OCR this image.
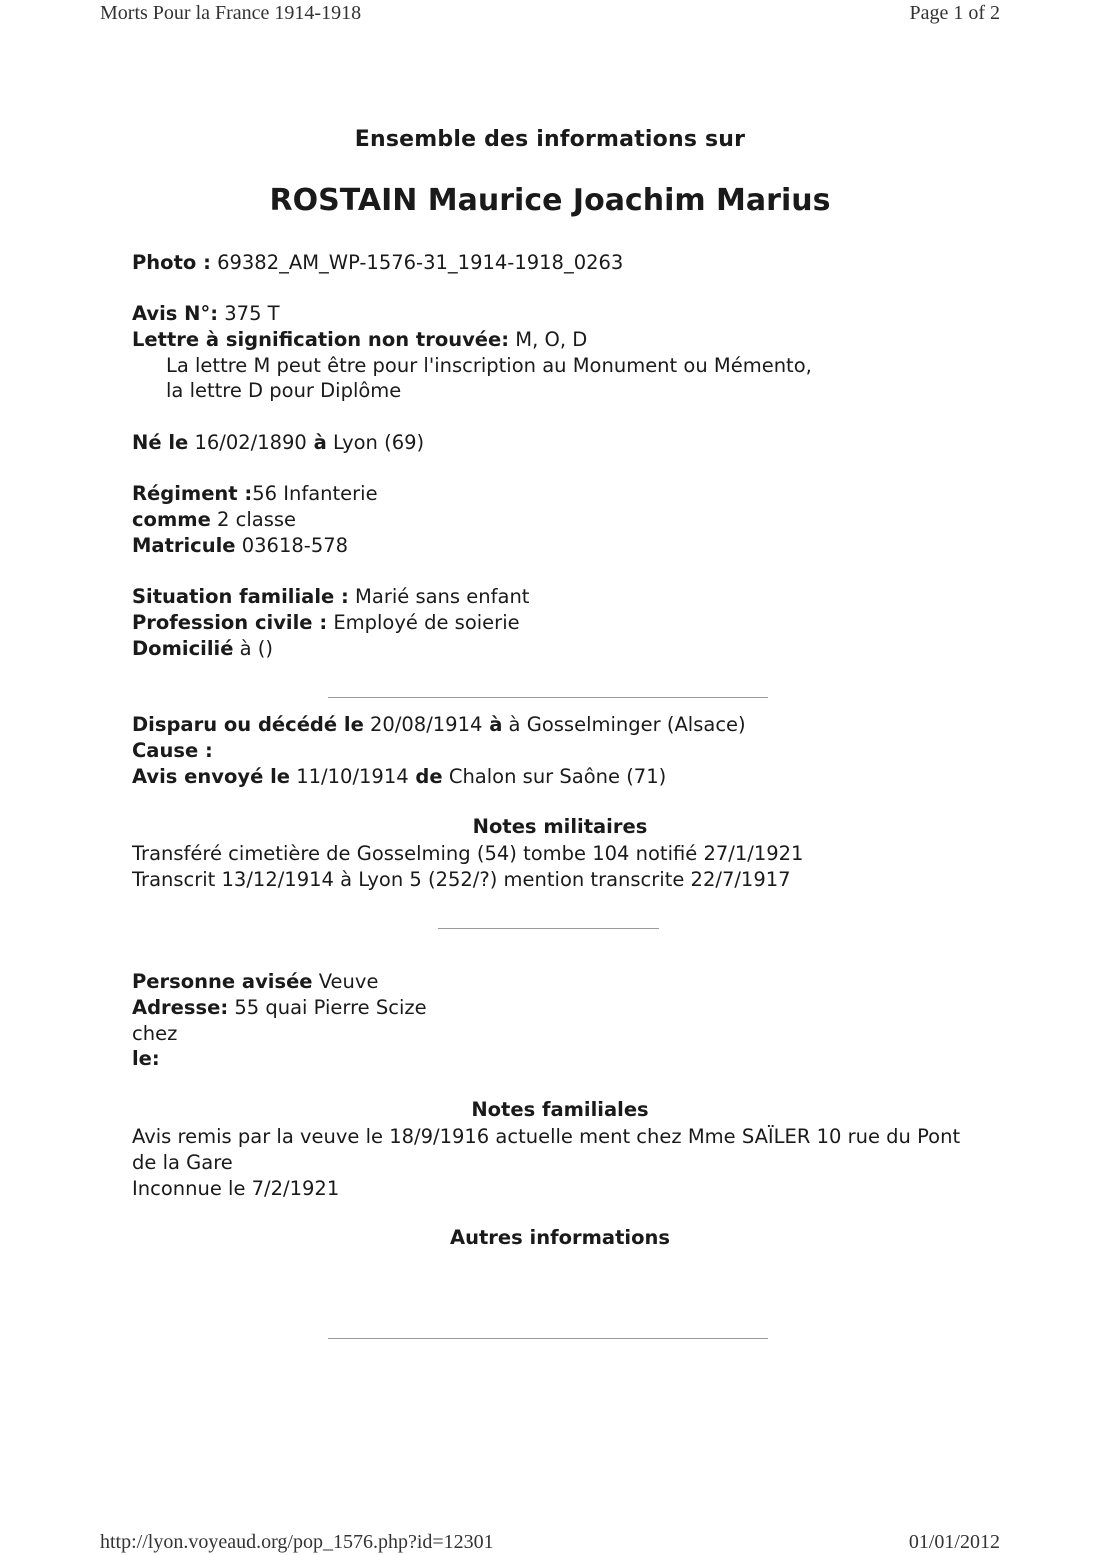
Morts Pour la France 1914-1918	Page 1 of 2
Ensemble des informations sur
ROSTAIN Maurice Joachim Marius
Photo : 69382_AM_WP-1576-31_1914-1918_0263
Avis N°: 375 T
Lettre à signification non trouvée: M, O, D
La lettre M peut être pour l'inscription au Monument ou Mémento,
la lettre D pour Diplôme
Né le 16/02/1890 à Lyon (69)
Régiment :56 Infanterie
comme 2 classe
Matricule 03618-578
Situation familiale : Marié sans enfant
Profession civile : Employé de soierie
Domicilié à ()
Disparu ou décédé le 20/08/1914 à à Gosselminger (Alsace)
Cause :
Avis envoyé le 11/10/1914 de Chalon sur Saône (71)
Notes militaires
Transféré cimetière de Gosselming (54) tombe 104 notifié 27/1/1921
Transcrit 13/12/1914 à Lyon 5 (252/?) mention transcrite 22/7/1917
Personne avisée Veuve
Adresse: 55 quai Pierre Scize
chez
le:
Notes familiales
Avis remis par la veuve le 18/9/1916 actuelle ment chez Mme SAÏLER 10 rue du Pont
de la Gare
Inconnue le 7/2/1921
Autres informations
http://lyon.voyeaud.org/pop_1576.php?id=12301	01/01/2012
